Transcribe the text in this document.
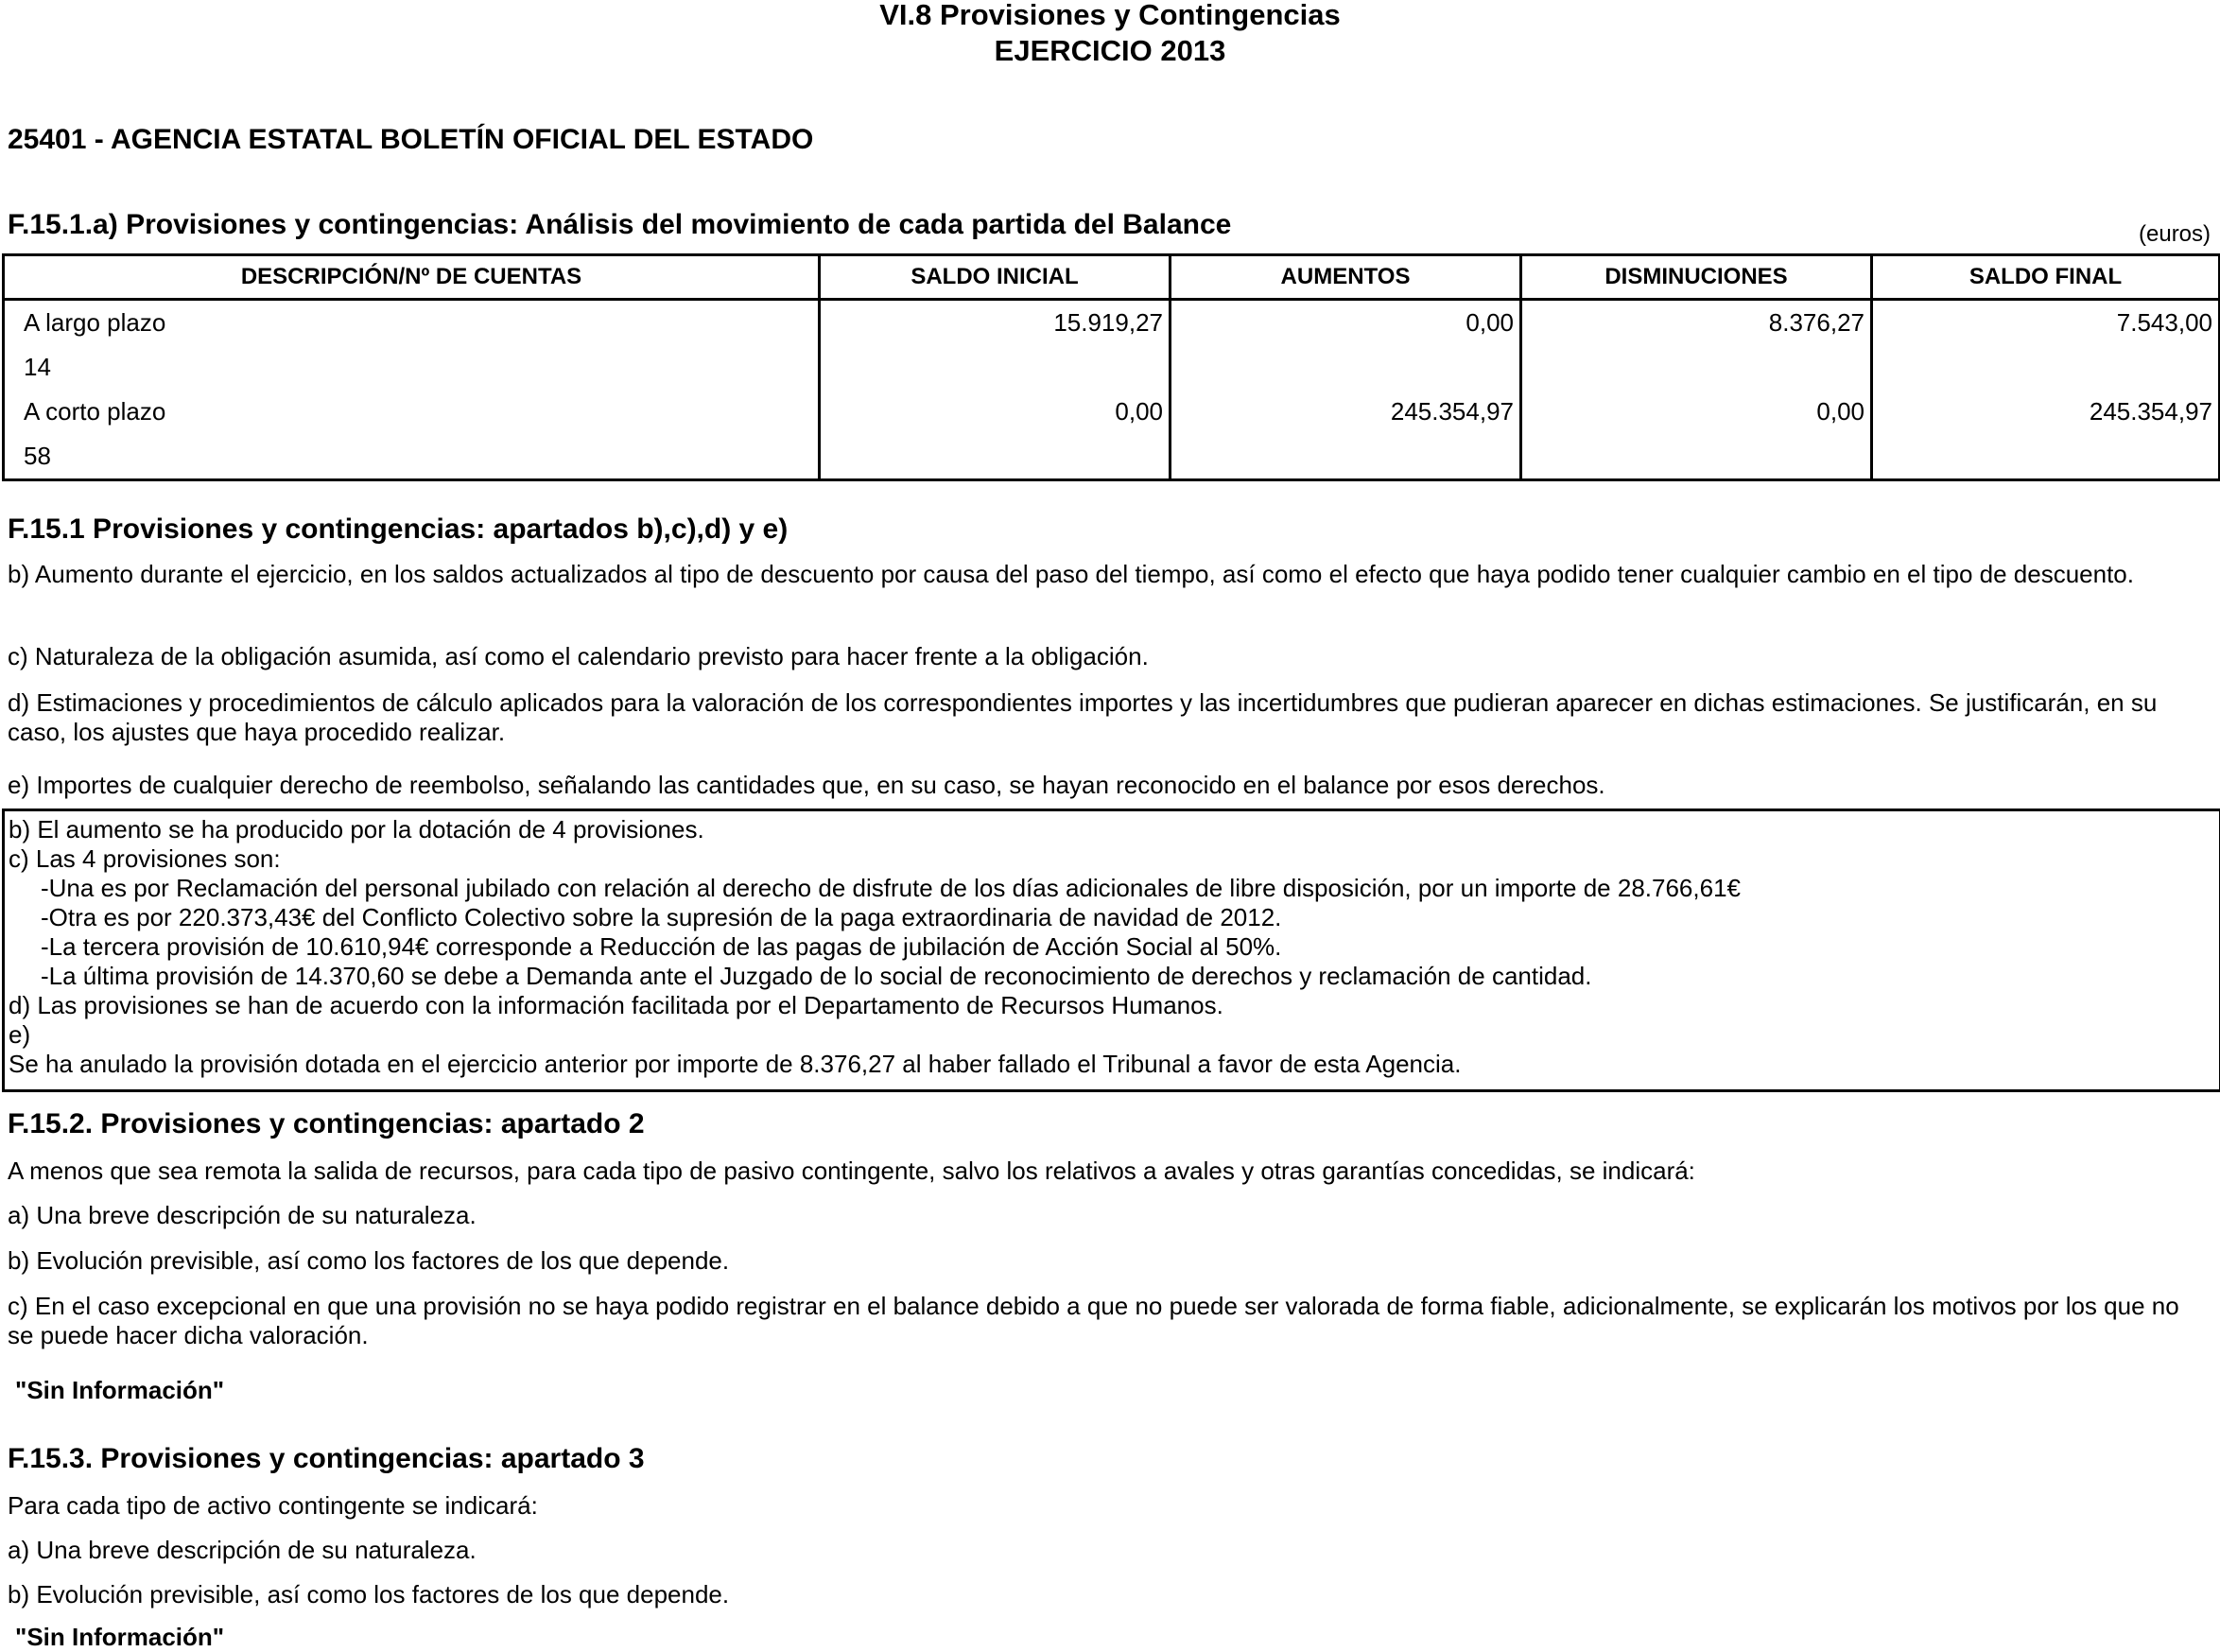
VI.8 Provisiones y Contingencias
EJERCICIO 2013
25401 - AGENCIA ESTATAL BOLETÍN OFICIAL DEL ESTADO
F.15.1.a) Provisiones y contingencias: Análisis del movimiento de cada partida del Balance	(euros)
DESCRIPCIÓN/Nº DE CUENTAS	SALDO INICIAL	AUMENTOS	DISMINUCIONES	SALDO FINAL
A largo plazo	15.919,27	0,00	8.376,27	7.543,00
14				
A corto plazo	0,00	245.354,97	0,00	245.354,97
58				
F.15.1 Provisiones y contingencias: apartados b),c),d) y e)
b) Aumento durante el ejercicio, en los saldos actualizados al tipo de descuento por causa del paso del tiempo, así como el efecto que haya podido tener cualquier cambio en el tipo de descuento.
c) Naturaleza de la obligación asumida, así como el calendario previsto para hacer frente a la obligación.
d) Estimaciones y procedimientos de cálculo aplicados para la valoración de los correspondientes importes y las incertidumbres que pudieran aparecer en dichas estimaciones. Se justificarán, en su caso, los ajustes que haya procedido realizar.
e) Importes de cualquier derecho de reembolso, señalando las cantidades que, en su caso, se hayan reconocido en el balance por esos derechos.
b) El aumento se ha producido por la dotación de 4 provisiones.
c) Las 4 provisiones son:
-Una es por Reclamación del personal jubilado con relación al derecho de disfrute de los días adicionales de libre disposición, por un importe de 28.766,61€
-Otra es por 220.373,43€ del Conflicto Colectivo sobre la supresión de la paga extraordinaria de navidad de 2012.
-La tercera provisión de 10.610,94€ corresponde a Reducción de las pagas de jubilación de Acción Social al 50%.
-La última provisión de 14.370,60 se debe a Demanda ante el Juzgado de lo social de reconocimiento de derechos y reclamación de cantidad.
d) Las provisiones se han de acuerdo con la información facilitada por el Departamento de Recursos Humanos.
e)
Se ha anulado la provisión dotada en el ejercicio anterior por importe de 8.376,27 al haber fallado el Tribunal a favor de esta Agencia.
F.15.2. Provisiones y contingencias: apartado 2
A menos que sea remota la salida de recursos, para cada tipo de pasivo contingente, salvo los relativos a avales y otras garantías concedidas, se indicará:
a) Una breve descripción de su naturaleza.
b) Evolución previsible, así como los factores de los que depende.
c) En el caso excepcional en que una provisión no se haya podido registrar en el balance debido a que no puede ser valorada de forma fiable, adicionalmente, se explicarán los motivos por los que no se puede hacer dicha valoración.
"Sin Información"
F.15.3. Provisiones y contingencias: apartado 3
Para cada tipo de activo contingente se indicará:
a) Una breve descripción de su naturaleza.
b) Evolución previsible, así como los factores de los que depende.
"Sin Información"
